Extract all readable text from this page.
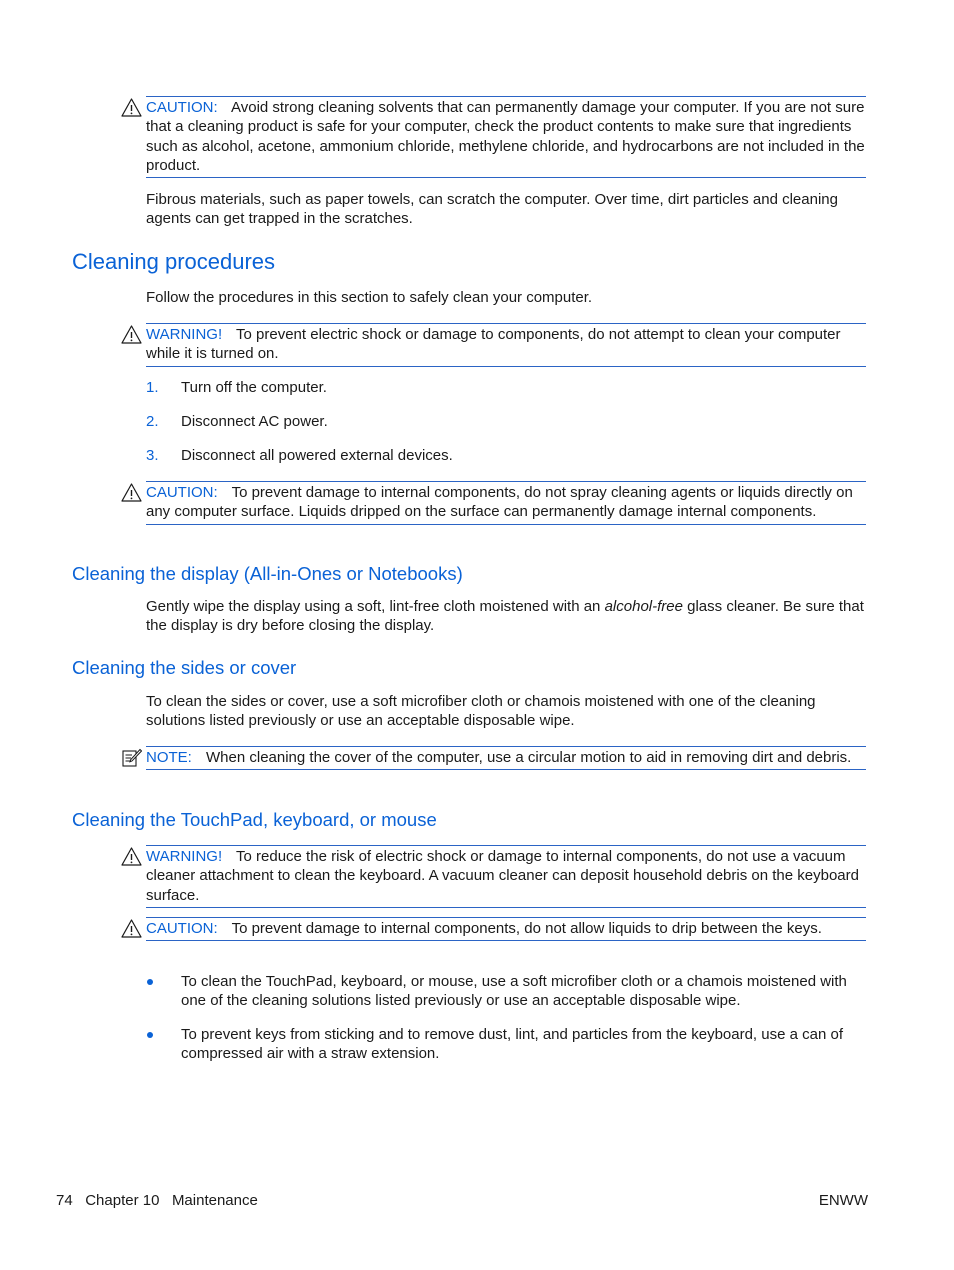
CAUTION: Avoid strong cleaning solvents that can permanently damage your computer. If you are not sure that a cleaning product is safe for your computer, check the product contents to make sure that ingredients such as alcohol, acetone, ammonium chloride, methylene chloride, and hydrocarbons are not included in the product.

Fibrous materials, such as paper towels, can scratch the computer. Over time, dirt particles and cleaning agents can get trapped in the scratches.

Cleaning procedures

Follow the procedures in this section to safely clean your computer.

WARNING! To prevent electric shock or damage to components, do not attempt to clean your computer while it is turned on.
1. Turn off the computer.
2. Disconnect AC power.
3. Disconnect all powered external devices.
CAUTION: To prevent damage to internal components, do not spray cleaning agents or liquids directly on any computer surface. Liquids dripped on the surface can permanently damage internal components.
Cleaning the display (All-in-Ones or Notebooks)

Gently wipe the display using a soft, lint-free cloth moistened with an alcohol-free glass cleaner. Be sure that the display is dry before closing the display.

Cleaning the sides or cover

To clean the sides or cover, use a soft microfiber cloth or chamois moistened with one of the cleaning solutions listed previously or use an acceptable disposable wipe.

NOTE: When cleaning the cover of the computer, use a circular motion to aid in removing dirt and debris.
Cleaning the TouchPad, keyboard, or mouse
WARNING! To reduce the risk of electric shock or damage to internal components, do not use a vacuum cleaner attachment to clean the keyboard. A vacuum cleaner can deposit household debris on the keyboard surface.
CAUTION: To prevent damage to internal components, do not allow liquids to drip between the keys.
To clean the TouchPad, keyboard, or mouse, use a soft microfiber cloth or a chamois moistened with one of the cleaning solutions listed previously or use an acceptable disposable wipe.
To prevent keys from sticking and to remove dust, lint, and particles from the keyboard, use a can of compressed air with a straw extension.
74 Chapter 10 Maintenance	ENWW
